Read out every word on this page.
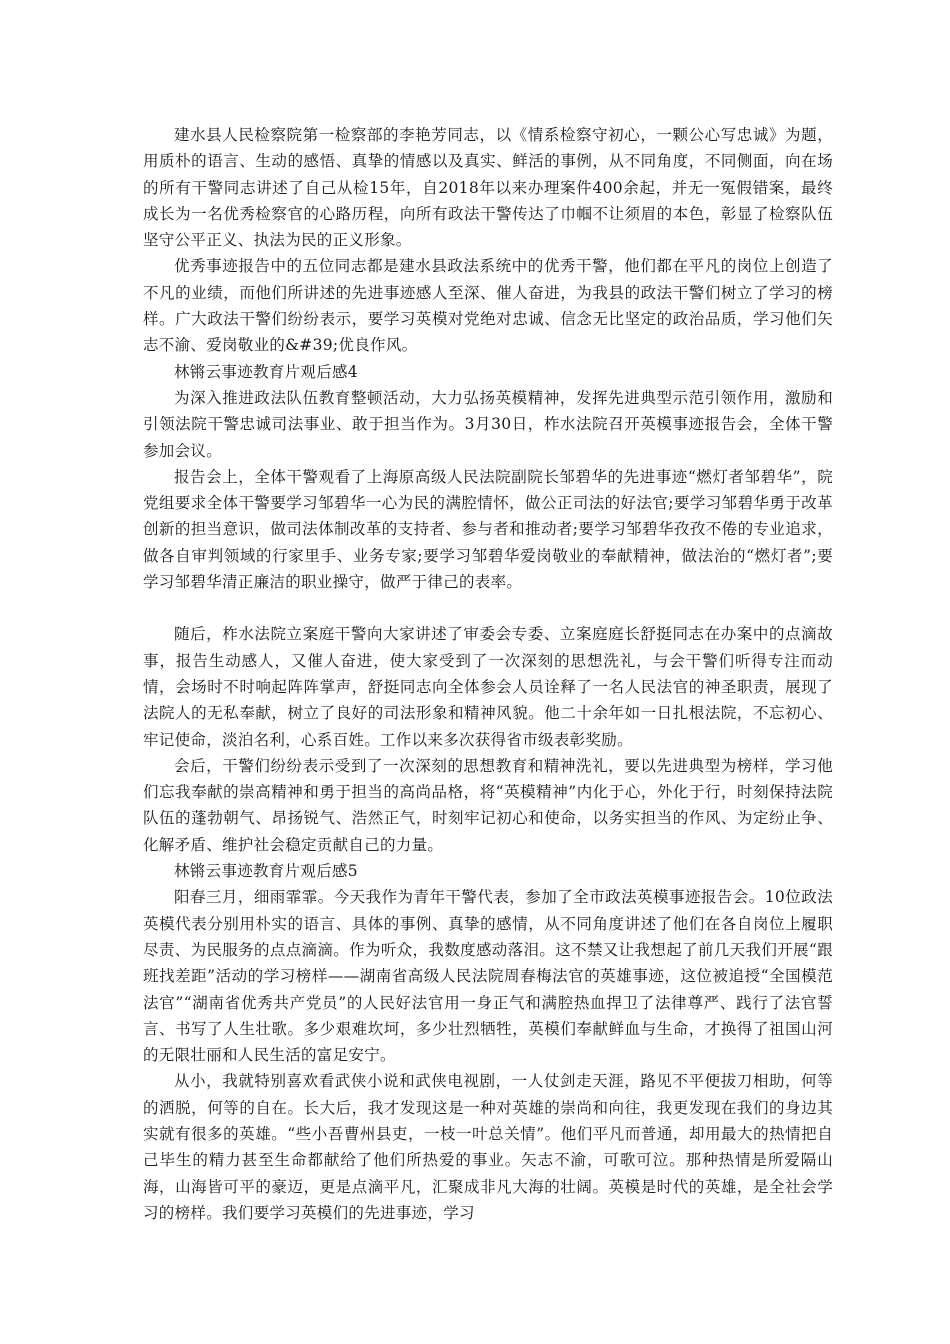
建水县人民检察院第一检察部的李艳芳同志，以《情系检察守初心，一颗公心写忠诚》为题，用质朴的语言、生动的感悟、真挚的情感以及真实、鲜活的事例，从不同角度，不同侧面，向在场的所有干警同志讲述了自己从检15年，自2018年以来办理案件400余起，并无一冤假错案，最终成长为一名优秀检察官的心路历程，向所有政法干警传达了巾帼不让须眉的本色，彰显了检察队伍坚守公平正义、执法为民的正义形象。

优秀事迹报告中的五位同志都是建水县政法系统中的优秀干警，他们都在平凡的岗位上创造了不凡的业绩，而他们所讲述的先进事迹感人至深、催人奋进，为我县的政法干警们树立了学习的榜样。广大政法干警们纷纷表示，要学习英模对党绝对忠诚、信念无比坚定的政治品质，学习他们矢志不渝、爱岗敬业的&#39;优良作风。

林锵云事迹教育片观后感4

为深入推进政法队伍教育整顿活动，大力弘扬英模精神，发挥先进典型示范引领作用，激励和引领法院干警忠诚司法事业、敢于担当作为。3月30日，柞水法院召开英模事迹报告会，全体干警参加会议。

报告会上，全体干警观看了上海原高级人民法院副院长邹碧华的先进事迹“燃灯者邹碧华”，院党组要求全体干警要学习邹碧华一心为民的满腔情怀，做公正司法的好法官;要学习邹碧华勇于改革创新的担当意识，做司法体制改革的支持者、参与者和推动者;要学习邹碧华孜孜不倦的专业追求，做各自审判领域的行家里手、业务专家;要学习邹碧华爱岗敬业的奉献精神，做法治的“燃灯者”;要学习邹碧华清正廉洁的职业操守，做严于律己的表率。

随后，柞水法院立案庭干警向大家讲述了审委会专委、立案庭庭长舒挺同志在办案中的点滴故事，报告生动感人，又催人奋进，使大家受到了一次深刻的思想洗礼，与会干警们听得专注而动情，会场时不时响起阵阵掌声，舒挺同志向全体参会人员诠释了一名人民法官的神圣职责，展现了法院人的无私奉献，树立了良好的司法形象和精神风貌。他二十余年如一日扎根法院，不忘初心、牢记使命，淡泊名利，心系百姓。工作以来多次获得省市级表彰奖励。

会后，干警们纷纷表示受到了一次深刻的思想教育和精神洗礼，要以先进典型为榜样，学习他们忘我奉献的崇高精神和勇于担当的高尚品格，将“英模精神”内化于心，外化于行，时刻保持法院队伍的蓬勃朝气、昂扬锐气、浩然正气，时刻牢记初心和使命，以务实担当的作风、为定纷止争、化解矛盾、维护社会稳定贡献自己的力量。

林锵云事迹教育片观后感5

阳春三月，细雨霏霏。今天我作为青年干警代表，参加了全市政法英模事迹报告会。10位政法英模代表分别用朴实的语言、具体的事例、真挚的感情，从不同角度讲述了他们在各自岗位上履职尽责、为民服务的点点滴滴。作为听众，我数度感动落泪。这不禁又让我想起了前几天我们开展“跟班找差距”活动的学习榜样——湖南省高级人民法院周春梅法官的英雄事迹，这位被追授“全国模范法官”“湖南省优秀共产党员”的人民好法官用一身正气和满腔热血捍卫了法律尊严、践行了法官誓言、书写了人生壮歌。多少艰难坎坷，多少壮烈牺牲，英模们奉献鲜血与生命，才换得了祖国山河的无限壮丽和人民生活的富足安宁。

从小，我就特别喜欢看武侠小说和武侠电视剧，一人仗剑走天涯，路见不平便拔刀相助，何等的洒脱，何等的自在。长大后，我才发现这是一种对英雄的崇尚和向往，我更发现在我们的身边其实就有很多的英雄。“些小吾曹州县吏，一枝一叶总关情”。他们平凡而普通，却用最大的热情把自己毕生的精力甚至生命都献给了他们所热爱的事业。矢志不渝，可歌可泣。那种热情是所爱隔山海，山海皆可平的豪迈，更是点滴平凡，汇聚成非凡大海的壮阔。英模是时代的英雄，是全社会学习的榜样。我们要学习英模们的先进事迹，学习
